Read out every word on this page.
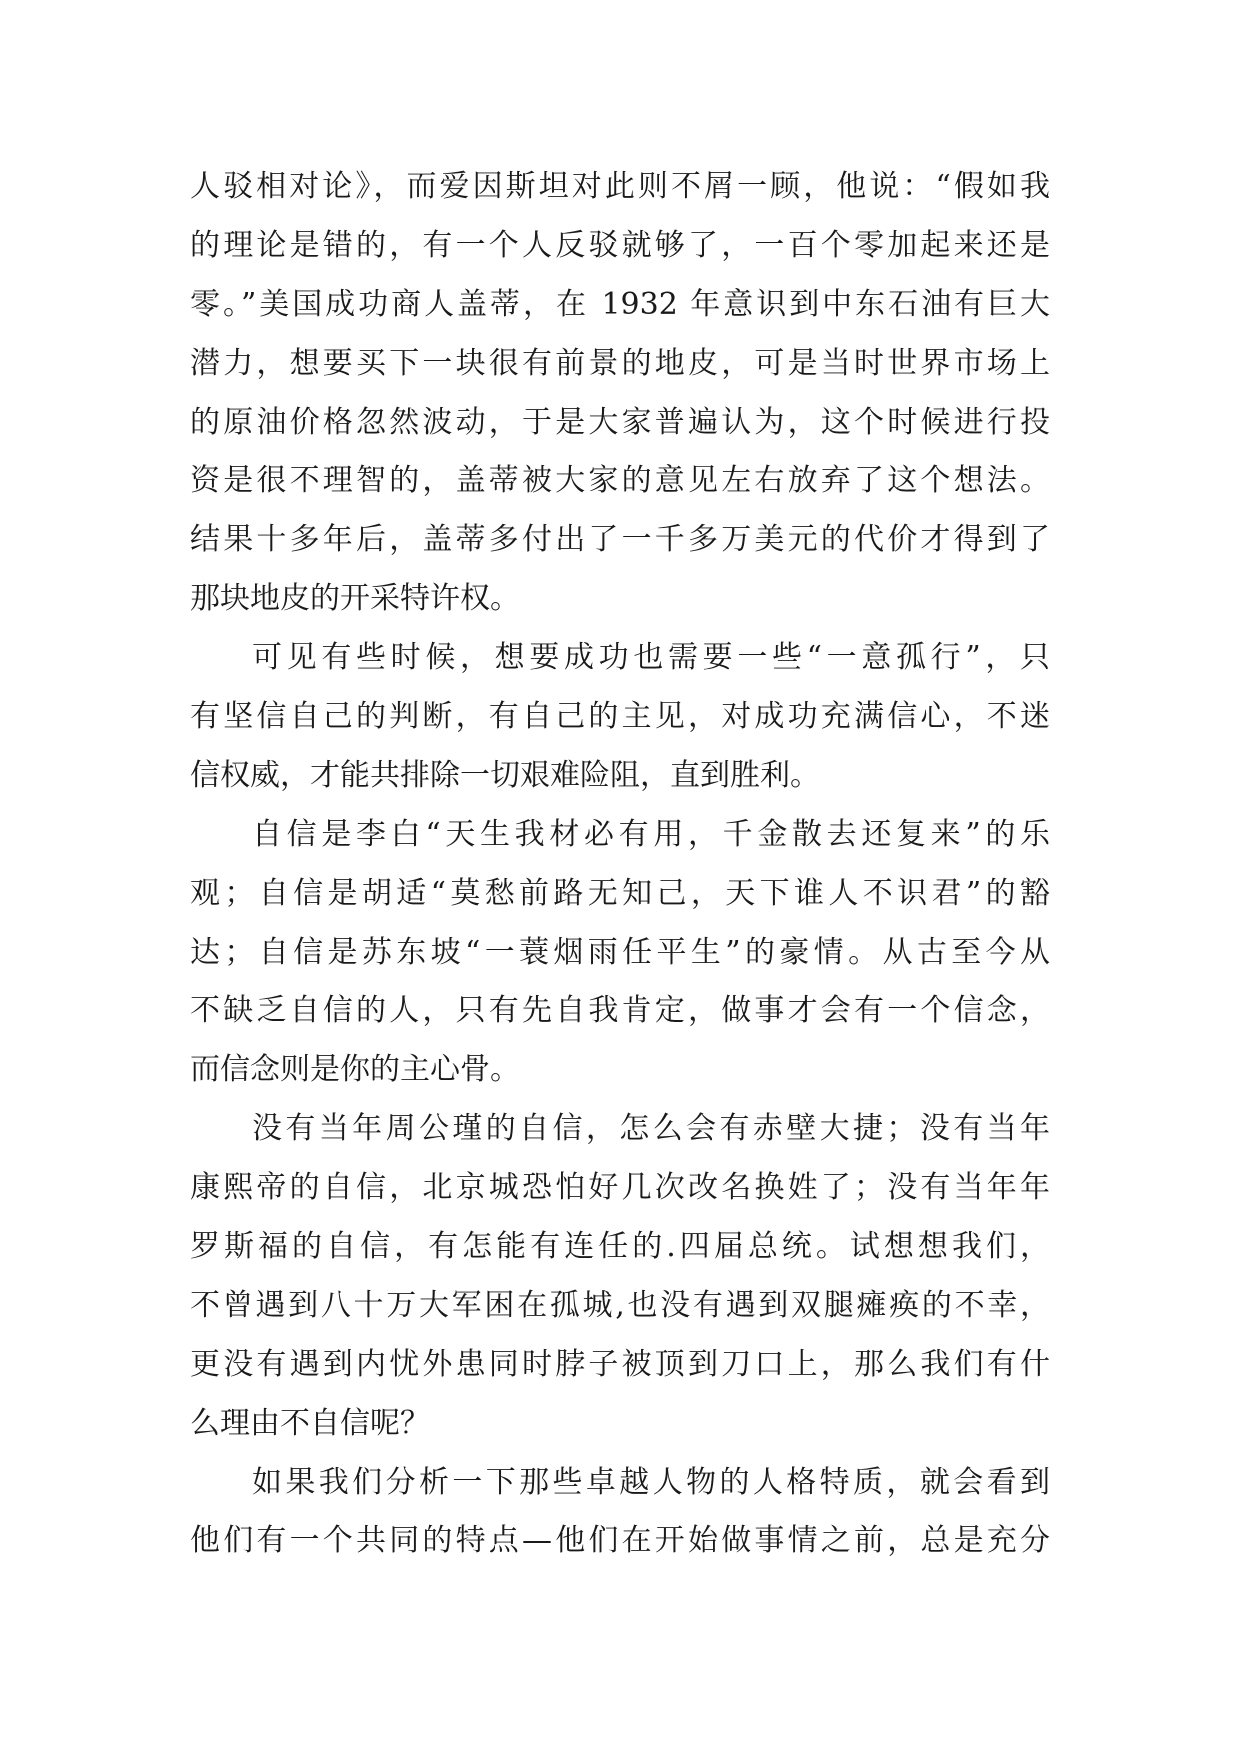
人驳相对论》，而爱因斯坦对此则不屑一顾，他说：“假如我
的理论是错的，有一个人反驳就够了，一百个零加起来还是
零。”美国成功商人盖蒂，在 1932 年意识到中东石油有巨大
潜力，想要买下一块很有前景的地皮，可是当时世界市场上
的原油价格忽然波动，于是大家普遍认为，这个时候进行投
资是很不理智的，盖蒂被大家的意见左右放弃了这个想法。
结果十多年后，盖蒂多付出了一千多万美元的代价才得到了
那块地皮的开采特许权。
可见有些时候，想要成功也需要一些“一意孤行”，只
有坚信自己的判断，有自己的主见，对成功充满信心，不迷
信权威，才能共排除一切艰难险阻，直到胜利。
自信是李白“天生我材必有用，千金散去还复来”的乐
观；自信是胡适“莫愁前路无知己，天下谁人不识君”的豁
达；自信是苏东坡“一蓑烟雨任平生”的豪情。从古至今从
不缺乏自信的人，只有先自我肯定，做事才会有一个信念，
而信念则是你的主心骨。
没有当年周公瑾的自信，怎么会有赤壁大捷；没有当年
康熙帝的自信，北京城恐怕好几次改名换姓了；没有当年年
罗斯福的自信，有怎能有连任的.四届总统。试想想我们，
不曾遇到八十万大军困在孤城,也没有遇到双腿瘫痪的不幸，
更没有遇到内忧外患同时脖子被顶到刀口上，那么我们有什
么理由不自信呢？
如果我们分析一下那些卓越人物的人格特质，就会看到
他们有一个共同的特点—他们在开始做事情之前，总是充分
